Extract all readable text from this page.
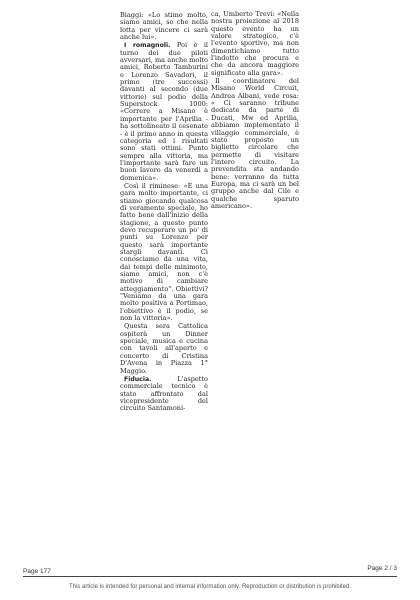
Biaggi: «Lo stimo molto, siamo amici, so che nella lotta per vincere ci sarà anche lui».

I romagnoli. Poi è il turno dei due piloti avversari, ma anche molto amici, Roberto Tamburini e Lorenzo Savadori, il primo (tre successi) davanti al secondo (due vittorie) sul podio della Superstock 1000: «Correre a Misano è importante per l'Aprilia - ha sottolineato il cesenate - è il primo anno in questa categoria ed i risultati sono stati ottimi. Punto sempre alla vittoria, ma l'importante sarà fare un buon lavoro da venerdì a domenica».

Così il riminese: «È una gara molto importante, ci stiamo giocando qualcosa di veramente speciale, ho fatto bene dall'inizio della stagione, a questo punto devo recuperare un po' di punti su Lorenzo per questo sarà importante stargli davanti. Ci conosciamo da una vita, dai tempi delle minimoto, siamo amici, non c'è motivo di cambiare atteggiamento". Obiettivi? "Veniamo da una gara molto positiva a Portimao, l'obiettivo è il podio, se non la vittoria».

Questa sera Cattolica ospiterà un Dinner speciale, musica e cucina con tavoli all'aperto e concerto di Cristina D'Avena in Piazza 1° Maggio.

Fiducia. L'aspetto commerciale tecnico è stato affrontato dal vicepresidente del circuito Santamoni-

ca, Umberto Trevi: «Nella nostra proiezione al 2018 questo evento ha un valore strategico, c'è l'evento sportivo, ma non dimentichiamo tutto l'indotto che procura e che da ancora maggiore significato alla gara».

Il coordinatore del Misano World Circuit, Andrea Albani, vede rosa: « Ci saranno tribune dedicate da parte di Ducati, Mw ed Aprilia, abbiamo implementato il villaggio commerciale, è stato proposto un biglietto circolare che permette di visitare l'intero circuito. La prevendita sta andando bene: verranno da tutta Europa, ma ci sarà un bel gruppo anche dal Cile e qualche sparuto americano».

Page 177	Page 2 / 3
This article is intended for personal and internal information only. Reproduction or distribution is prohibited.
